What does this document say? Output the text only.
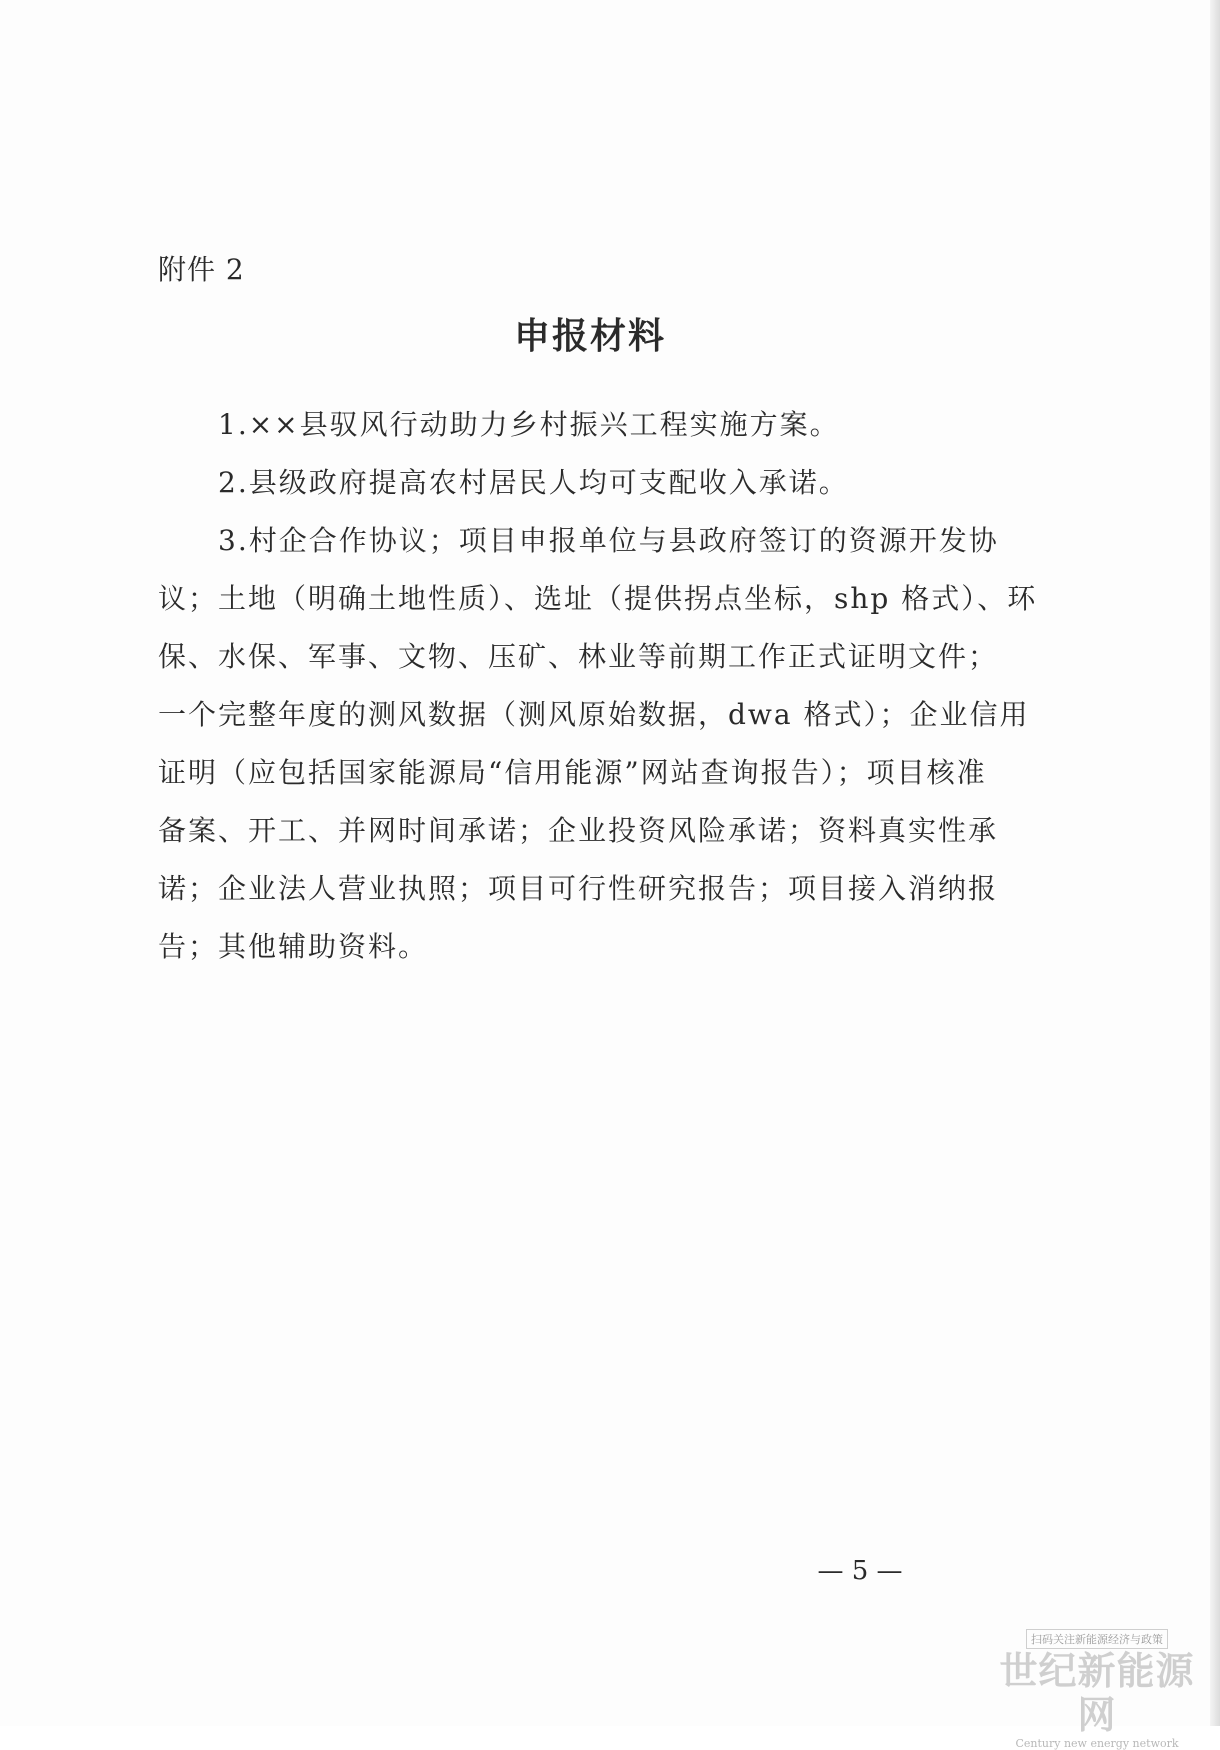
附件 2
申报材料
1.××县驭风行动助力乡村振兴工程实施方案。
2.县级政府提高农村居民人均可支配收入承诺。
3.村企合作协议；项目申报单位与县政府签订的资源开发协
议；土地（明确土地性质）、选址（提供拐点坐标，shp 格式）、环
保、水保、军事、文物、压矿、林业等前期工作正式证明文件；
一个完整年度的测风数据（测风原始数据，dwa 格式）；企业信用
证明（应包括国家能源局“信用能源”网站查询报告）；项目核准
备案、开工、并网时间承诺；企业投资风险承诺；资料真实性承
诺；企业法人营业执照；项目可行性研究报告；项目接入消纳报
告；其他辅助资料。
— 5 —
扫码关注新能源经济与政策
世纪新能源网
Century new energy network
